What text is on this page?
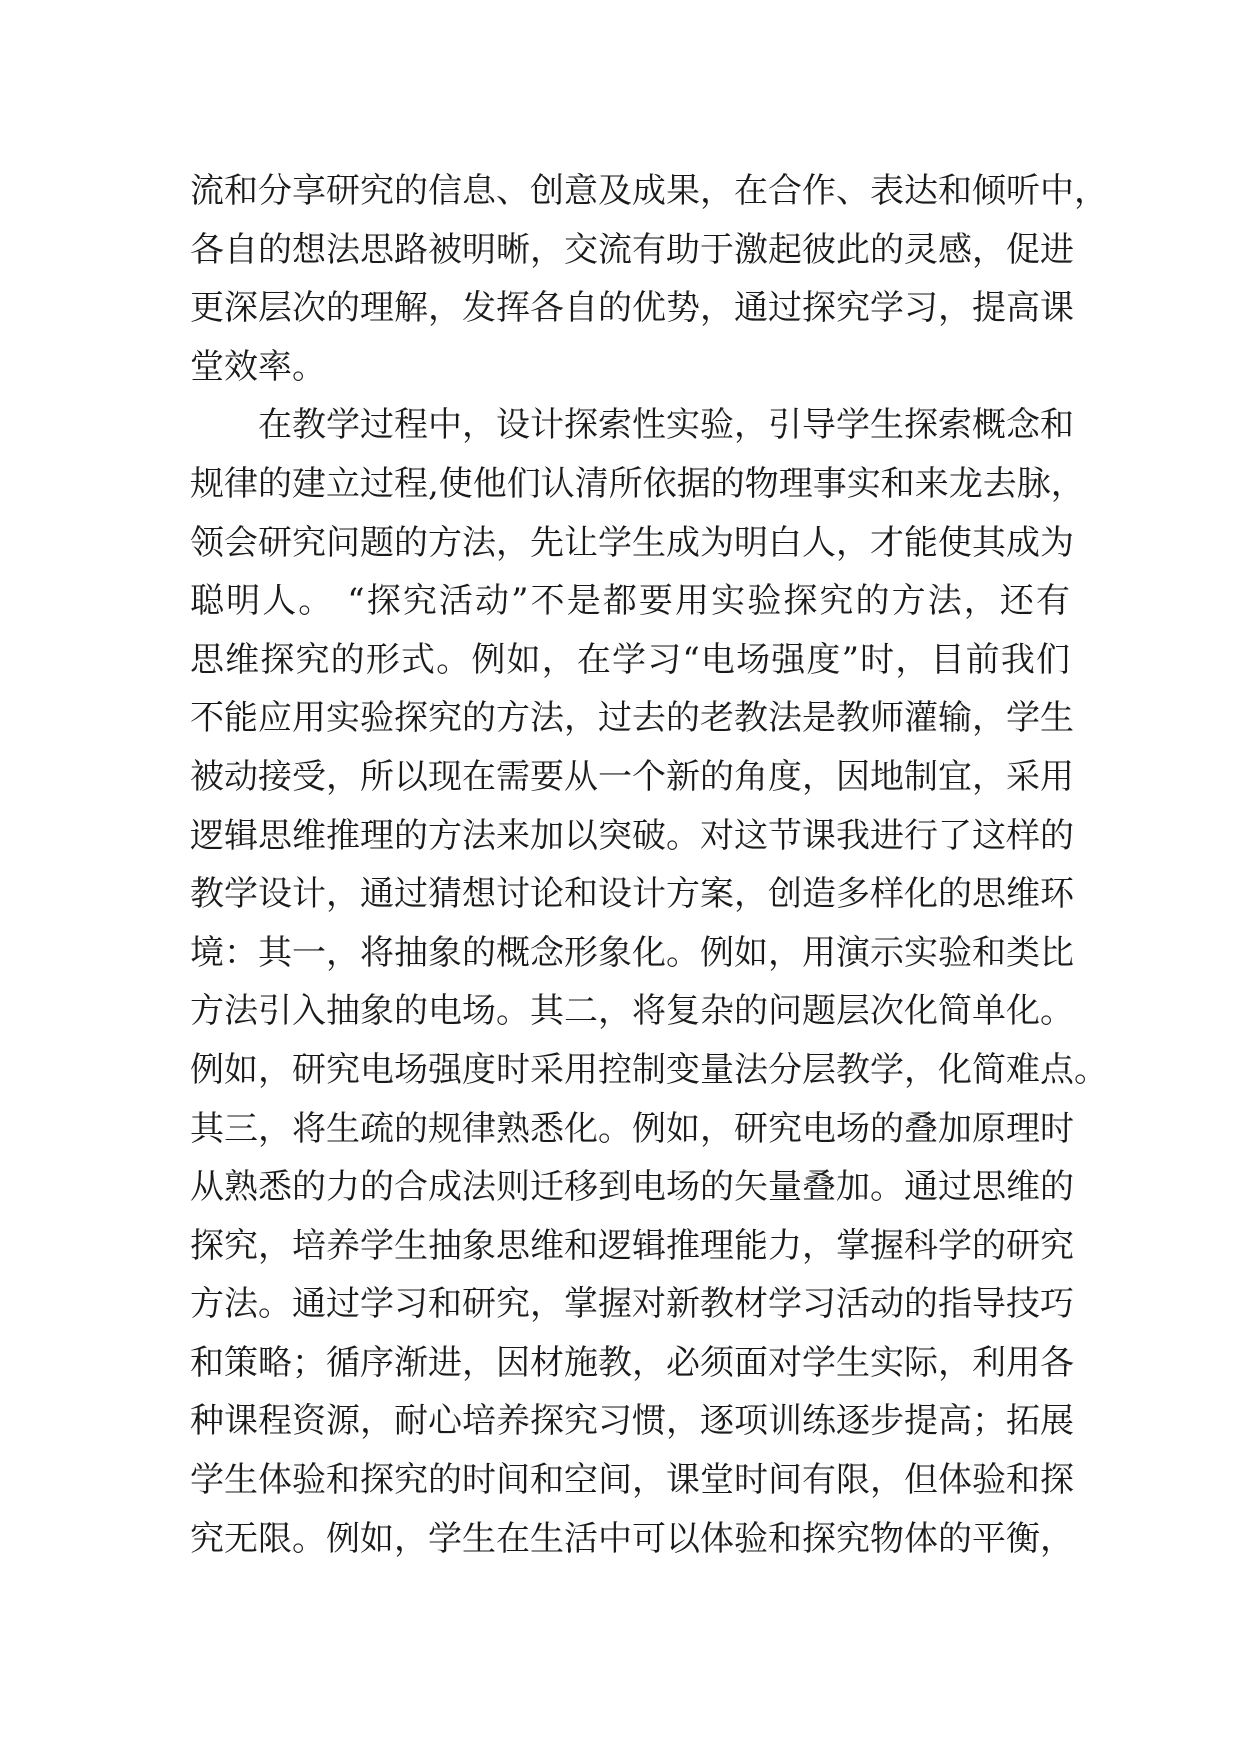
流和分享研究的信息、创意及成果，在合作、表达和倾听中，
各自的想法思路被明晰，交流有助于激起彼此的灵感，促进
更深层次的理解，发挥各自的优势，通过探究学习，提高课
堂效率。
在教学过程中，设计探索性实验，引导学生探索概念和
规律的建立过程,使他们认清所依据的物理事实和来龙去脉，
领会研究问题的方法，先让学生成为明白人，才能使其成为
聪明人。 “探究活动”不是都要用实验探究的方法，还有
思维探究的形式。例如，在学习“电场强度”时，目前我们
不能应用实验探究的方法，过去的老教法是教师灌输，学生
被动接受，所以现在需要从一个新的角度，因地制宜，采用
逻辑思维推理的方法来加以突破。对这节课我进行了这样的
教学设计，通过猜想讨论和设计方案，创造多样化的思维环
境：其一，将抽象的概念形象化。例如，用演示实验和类比
方法引入抽象的电场。其二，将复杂的问题层次化简单化。
例如，研究电场强度时采用控制变量法分层教学，化简难点。
其三，将生疏的规律熟悉化。例如，研究电场的叠加原理时
从熟悉的力的合成法则迁移到电场的矢量叠加。通过思维的
探究，培养学生抽象思维和逻辑推理能力，掌握科学的研究
方法。通过学习和研究，掌握对新教材学习活动的指导技巧
和策略；循序渐进，因材施教，必须面对学生实际，利用各
种课程资源，耐心培养探究习惯，逐项训练逐步提高；拓展
学生体验和探究的时间和空间，课堂时间有限，但体验和探
究无限。例如，学生在生活中可以体验和探究物体的平衡，
